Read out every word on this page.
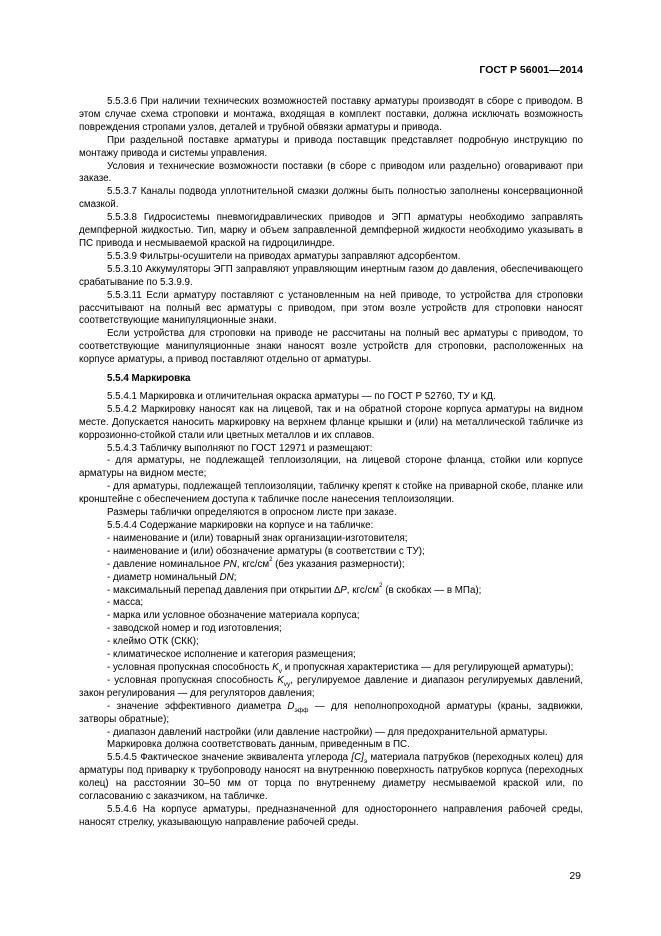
ГОСТ Р 56001—2014

5.5.3.6 При наличии технических возможностей поставку арматуры производят в сборе с приводом. В этом случае схема строповки и монтажа, входящая в комплект поставки, должна исключать возможность повреждения стропами узлов, деталей и трубной обвязки арматуры и привода.

При раздельной поставке арматуры и привода поставщик представляет подробную инструкцию по монтажу привода и системы управления.

Условия и технические возможности поставки (в сборе с приводом или раздельно) оговаривают при заказе.

5.5.3.7 Каналы подвода уплотнительной смазки должны быть полностью заполнены консервационной смазкой.

5.5.3.8 Гидросистемы пневмогидравлических приводов и ЭГП арматуры необходимо заправлять демпферной жидкостью. Тип, марку и объем заправленной демпферной жидкости необходимо указывать в ПС привода и несмываемой краской на гидроцилиндре.

5.5.3.9 Фильтры-осушители на приводах арматуры заправляют адсорбентом.

5.5.3.10 Аккумуляторы ЭГП заправляют управляющим инертным газом до давления, обеспечивающего срабатывание по 5.3.9.9.

5.5.3.11 Если арматуру поставляют с установленным на ней приводе, то устройства для строповки рассчитывают на полный вес арматуры с приводом, при этом возле устройств для строповки наносят соответствующие манипуляционные знаки.

Если устройства для строповки на приводе не рассчитаны на полный вес арматуры с приводом, то соответствующие манипуляционные знаки наносят возле устройств для строповки, расположенных на корпусе арматуры, а привод поставляют отдельно от арматуры.

5.5.4 Маркировка

5.5.4.1 Маркировка и отличительная окраска арматуры — по ГОСТ Р 52760, ТУ и КД.

5.5.4.2 Маркировку наносят как на лицевой, так и на обратной стороне корпуса арматуры на видном месте. Допускается наносить маркировку на верхнем фланце крышки и (или) на металлической табличке из коррозионно-стойкой стали или цветных металлов и их сплавов.

5.5.4.3 Табличку выполняют по ГОСТ 12971 и размещают:

- для арматуры, не подлежащей теплоизоляции, на лицевой стороне фланца, стойки или корпусе арматуры на видном месте;

- для арматуры, подлежащей теплоизоляции, табличку крепят к стойке на приварной скобе, планке или кронштейне с обеспечением доступа к табличке после нанесения теплоизоляции.

Размеры таблички определяются в опросном листе при заказе.

5.5.4.4 Содержание маркировки на корпусе и на табличке:

- наименование и (или) товарный знак организации-изготовителя;

- наименование и (или) обозначение арматуры (в соответствии с ТУ);

- давление номинальное PN, кгс/$см^2$ (без указания размерности);

- диаметр номинальный DN;

- максимальный перепад давления при открытии ∆P, кгс/$см^2$ (в скобках — в МПа);

- масса;

- марка или условное обозначение материала корпуса;

- заводской номер и год изготовления;

- клеймо ОТК (СКК);

- климатическое исполнение и категория размещения;

- условная пропускная способность $K_v$ и пропускная характеристика — для регулирующей арматуры);

- условная пропускная способность $K_{vy}$, регулируемое давление и диапазон регулируемых давлений, закон регулирования — для регуляторов давления;

- значение эффективного диаметра $D_{эфф}$ — для неполнопроходной арматуры (краны, задвижки, затворы обратные);

- диапазон давлений настройки (или давление настройки) — для предохранительной арматуры.

Маркировка должна соответствовать данным, приведенным в ПС.

5.5.4.5 Фактическое значение эквивалента углерода $[C]_э$ материала патрубков (переходных колец) для арматуры под приварку к трубопроводу наносят на внутреннюю поверхность патрубков корпуса (переходных колец) на расстоянии 30–50 мм от торца по внутреннему диаметру несмываемой краской или, по согласованию с заказчиком, на табличке.

5.5.4.6 На корпусе арматуры, предназначенной для одностороннего направления рабочей среды, наносят стрелку, указывающую направление рабочей среды.

29
